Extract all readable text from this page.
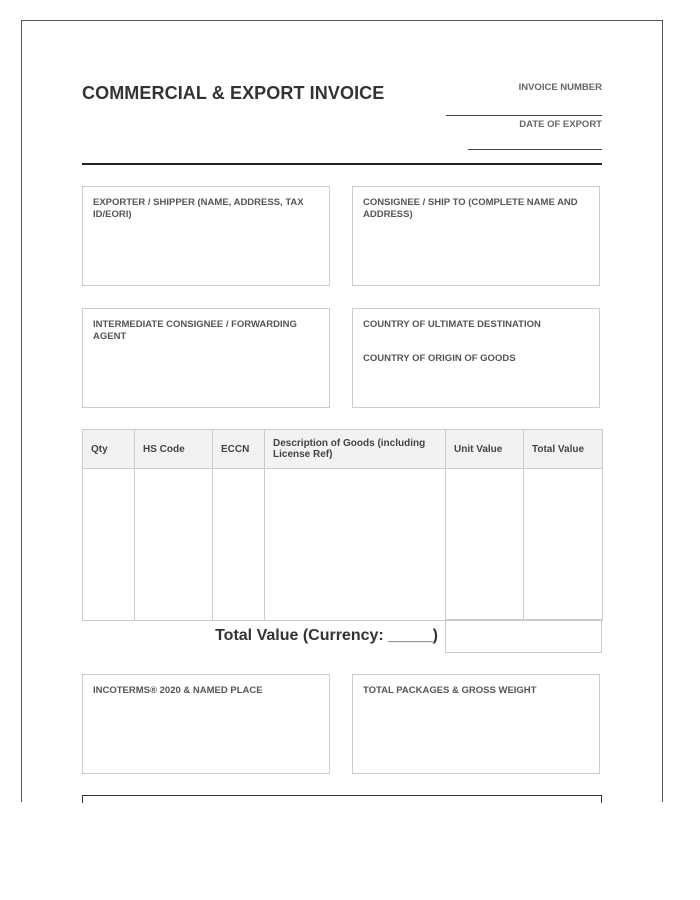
COMMERCIAL & EXPORT INVOICE	INVOICE NUMBER
DATE OF EXPORT
EXPORTER / SHIPPER (NAME, ADDRESS, TAX ID/EORI)
CONSIGNEE / SHIP TO (COMPLETE NAME AND ADDRESS)
INTERMEDIATE CONSIGNEE / FORWARDING AGENT
COUNTRY OF ULTIMATE DESTINATION
COUNTRY OF ORIGIN OF GOODS
Qty	HS Code	ECCN	Description of Goods (including License Ref)	Unit Value	Total Value

Total Value (Currency: _____)
INCOTERMS® 2020 & NAMED PLACE	TOTAL PACKAGES & GROSS WEIGHT
